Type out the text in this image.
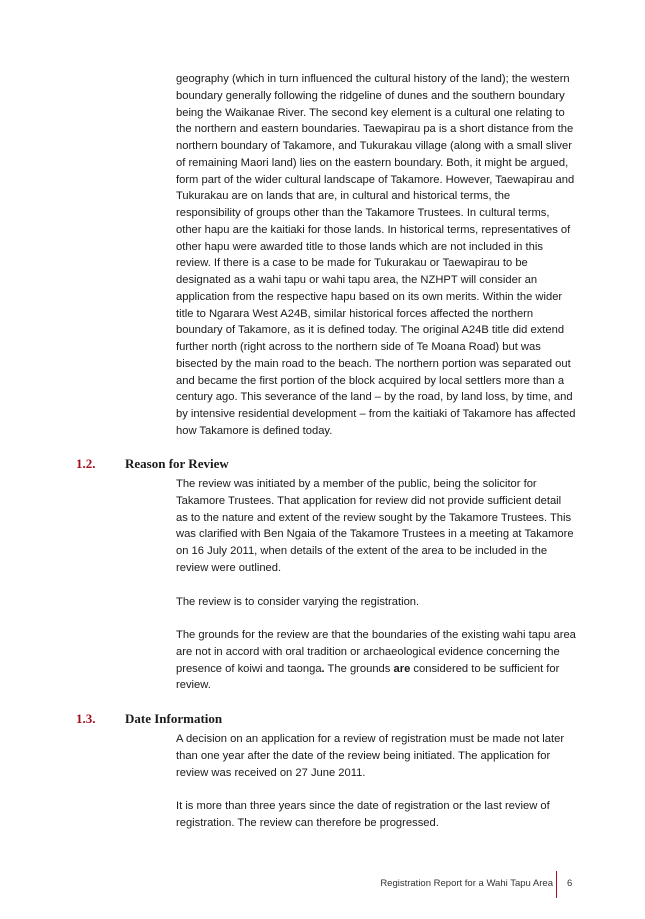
geography (which in turn influenced the cultural history of the land); the western boundary generally following the ridgeline of dunes and the southern boundary being the Waikanae River. The second key element is a cultural one relating to the northern and eastern boundaries. Taewapirau pa is a short distance from the northern boundary of Takamore, and Tukurakau village (along with a small sliver of remaining Maori land) lies on the eastern boundary. Both, it might be argued, form part of the wider cultural landscape of Takamore. However, Taewapirau and Tukurakau are on lands that are, in cultural and historical terms, the responsibility of groups other than the Takamore Trustees. In cultural terms, other hapu are the kaitiaki for those lands. In historical terms, representatives of other hapu were awarded title to those lands which are not included in this review. If there is a case to be made for Tukurakau or Taewapirau to be designated as a wahi tapu or wahi tapu area, the NZHPT will consider an application from the respective hapu based on its own merits. Within the wider title to Ngarara West A24B, similar historical forces affected the northern boundary of Takamore, as it is defined today. The original A24B title did extend further north (right across to the northern side of Te Moana Road) but was bisected by the main road to the beach. The northern portion was separated out and became the first portion of the block acquired by local settlers more than a century ago. This severance of the land – by the road, by land loss, by time, and by intensive residential development – from the kaitiaki of Takamore has affected how Takamore is defined today.

1.2. Reason for Review

The review was initiated by a member of the public, being the solicitor for Takamore Trustees. That application for review did not provide sufficient detail as to the nature and extent of the review sought by the Takamore Trustees. This was clarified with Ben Ngaia of the Takamore Trustees in a meeting at Takamore on 16 July 2011, when details of the extent of the area to be included in the review were outlined.

The review is to consider varying the registration.

The grounds for the review are that the boundaries of the existing wahi tapu area are not in accord with oral tradition or archaeological evidence concerning the presence of koiwi and taonga. The grounds are considered to be sufficient for review.

1.3. Date Information

A decision on an application for a review of registration must be made not later than one year after the date of the review being initiated. The application for review was received on 27 June 2011.

It is more than three years since the date of registration or the last review of registration. The review can therefore be progressed.

Registration Report for a Wahi Tapu Area 6
